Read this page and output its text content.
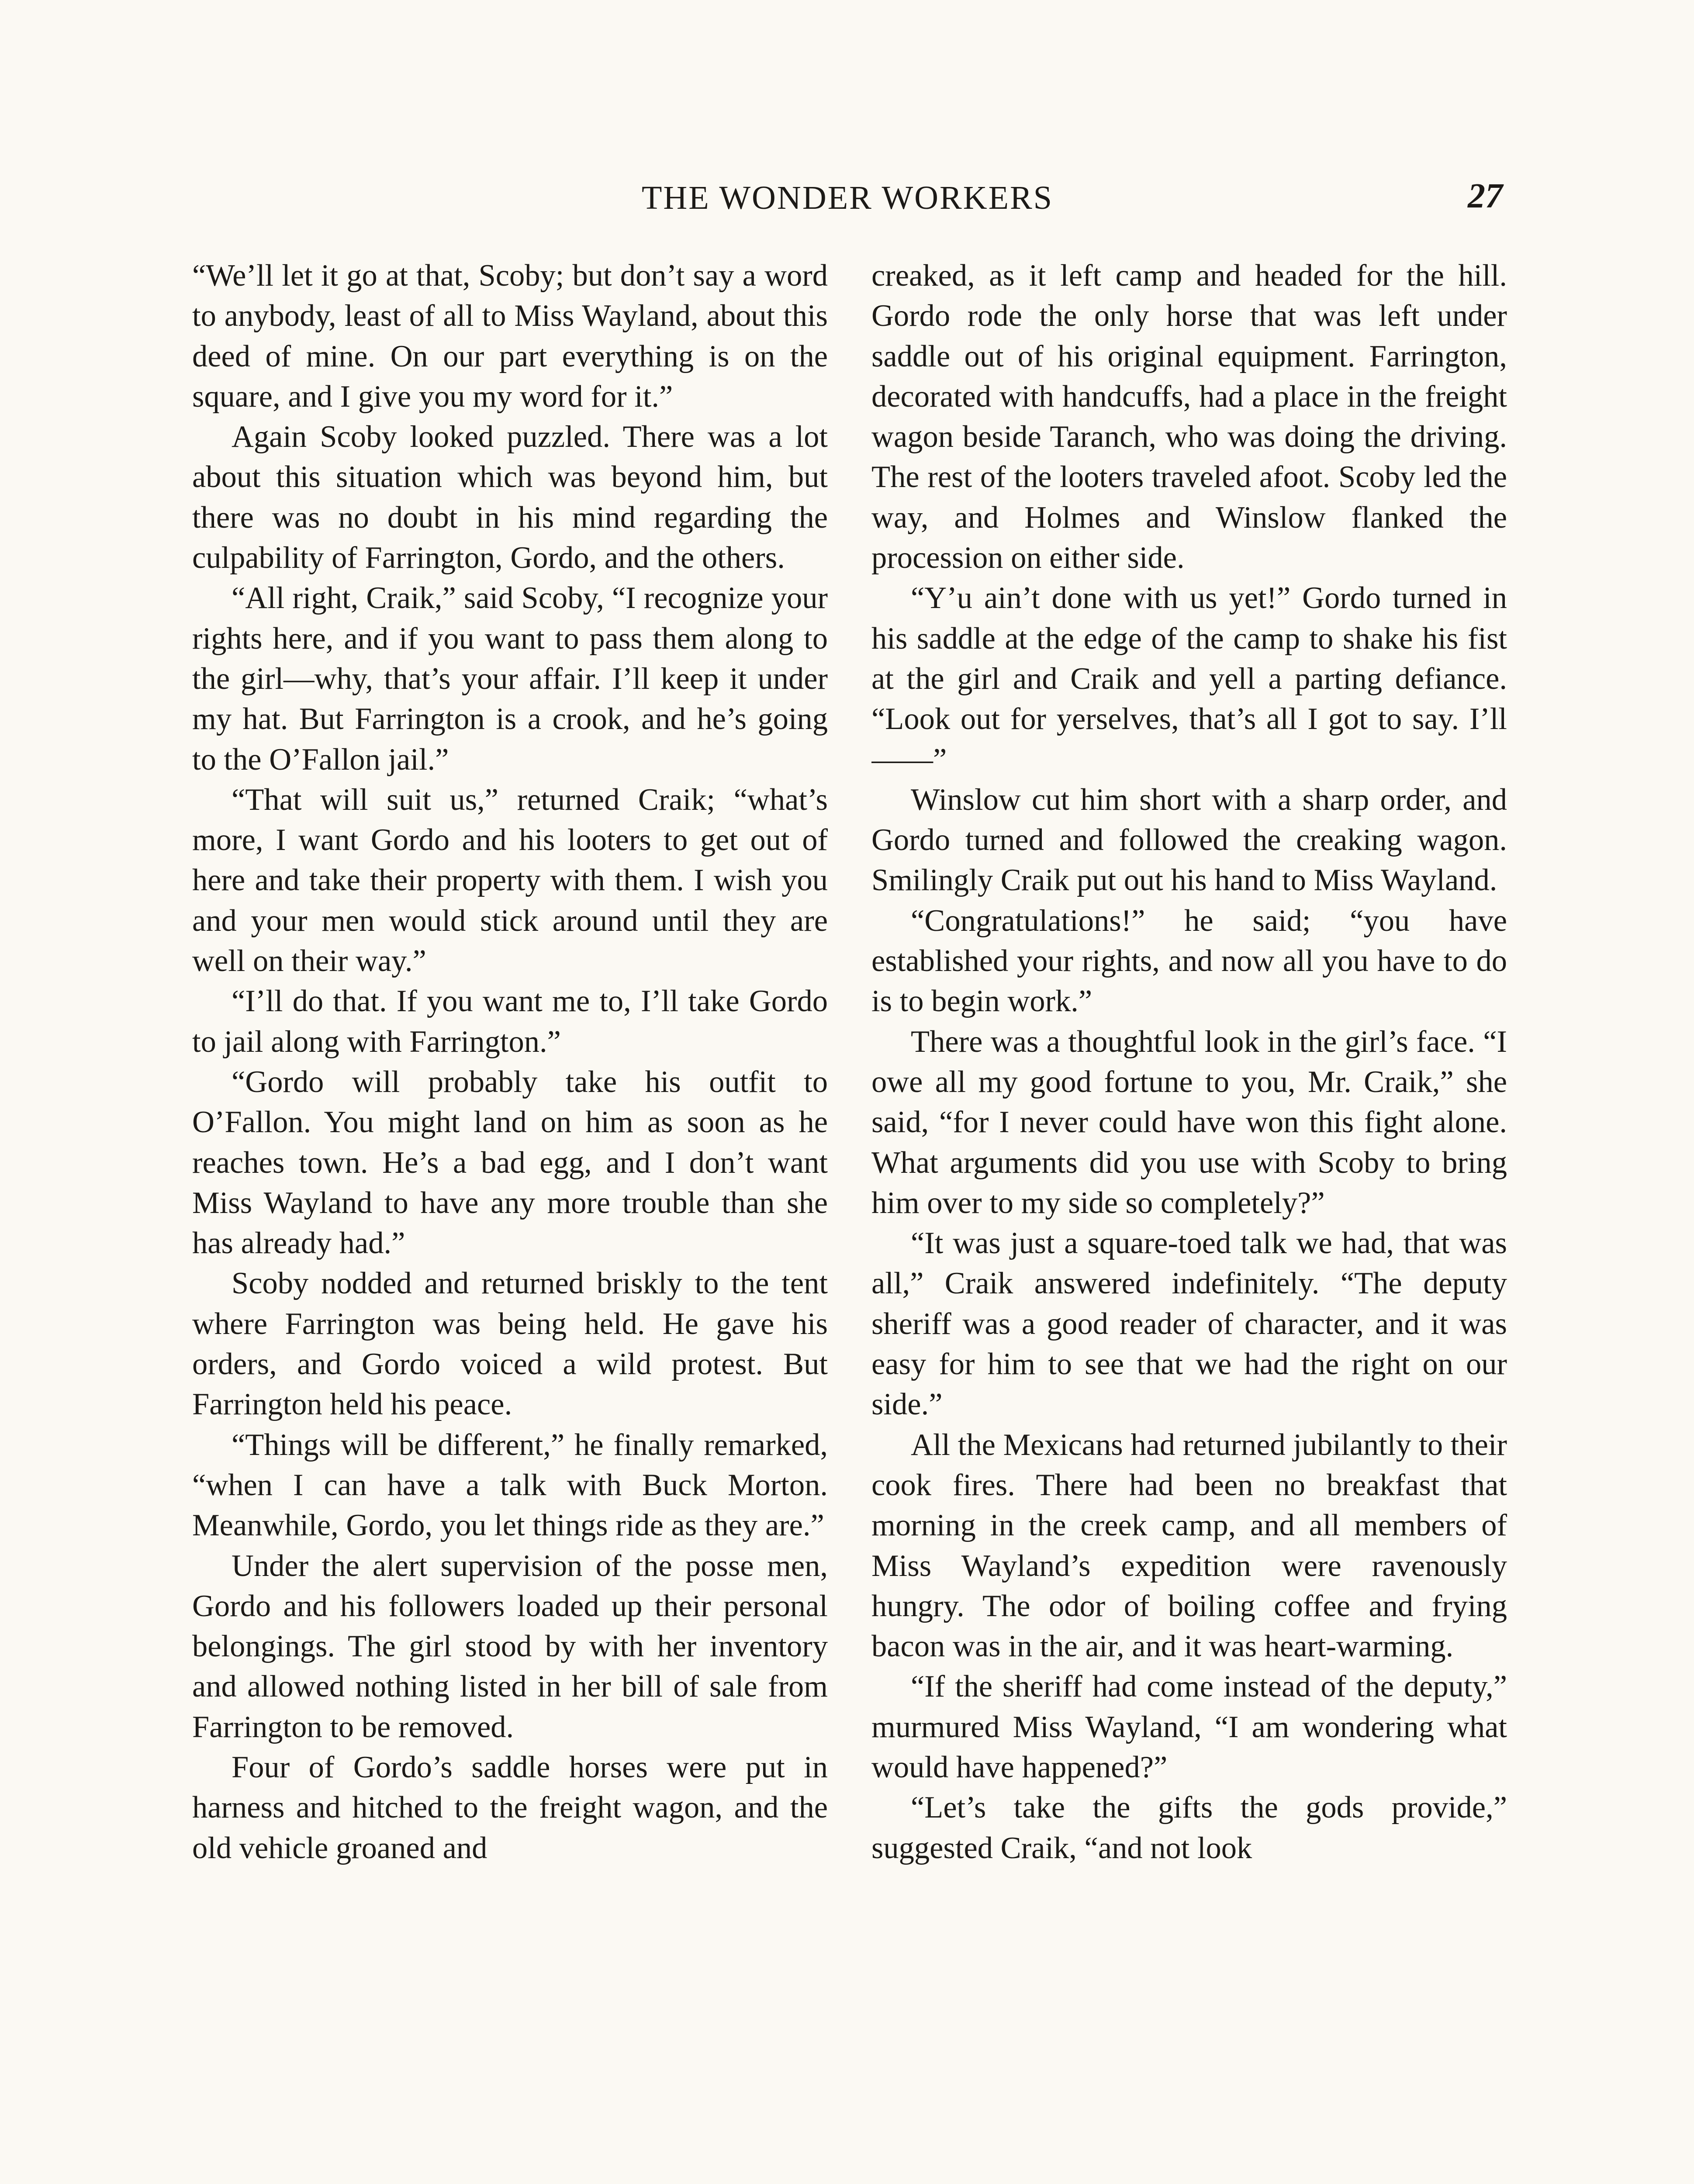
THE WONDER WORKERS	27

“We’ll let it go at that, Scoby; but don’t say a word to anybody, least of all to Miss Wayland, about this deed of mine. On our part everything is on the square, and I give you my word for it.”

Again Scoby looked puzzled. There was a lot about this situation which was beyond him, but there was no doubt in his mind regarding the culpability of Farrington, Gordo, and the others.

“All right, Craik,” said Scoby, “I recognize your rights here, and if you want to pass them along to the girl—why, that’s your affair. I’ll keep it under my hat. But Farrington is a crook, and he’s going to the O’Fallon jail.”

“That will suit us,” returned Craik; “what’s more, I want Gordo and his looters to get out of here and take their property with them. I wish you and your men would stick around until they are well on their way.”

“I’ll do that. If you want me to, I’ll take Gordo to jail along with Farrington.”

“Gordo will probably take his outfit to O’Fallon. You might land on him as soon as he reaches town. He’s a bad egg, and I don’t want Miss Wayland to have any more trouble than she has already had.”

Scoby nodded and returned briskly to the tent where Farrington was being held. He gave his orders, and Gordo voiced a wild protest. But Farrington held his peace.

“Things will be different,” he finally remarked, “when I can have a talk with Buck Morton. Meanwhile, Gordo, you let things ride as they are.”

Under the alert supervision of the posse men, Gordo and his followers loaded up their personal belongings. The girl stood by with her inventory and allowed nothing listed in her bill of sale from Farrington to be removed.

Four of Gordo’s saddle horses were put in harness and hitched to the freight wagon, and the old vehicle groaned and

creaked, as it left camp and headed for the hill. Gordo rode the only horse that was left under saddle out of his original equipment. Farrington, decorated with handcuffs, had a place in the freight wagon beside Taranch, who was doing the driving. The rest of the looters traveled afoot. Scoby led the way, and Holmes and Winslow flanked the procession on either side.

“Y’u ain’t done with us yet!” Gordo turned in his saddle at the edge of the camp to shake his fist at the girl and Craik and yell a parting defiance. “Look out for yerselves, that’s all I got to say. I’ll——”

Winslow cut him short with a sharp order, and Gordo turned and followed the creaking wagon. Smilingly Craik put out his hand to Miss Wayland.

“Congratulations!” he said; “you have established your rights, and now all you have to do is to begin work.”

There was a thoughtful look in the girl’s face. “I owe all my good fortune to you, Mr. Craik,” she said, “for I never could have won this fight alone. What arguments did you use with Scoby to bring him over to my side so completely?”

“It was just a square-toed talk we had, that was all,” Craik answered indefinitely. “The deputy sheriff was a good reader of character, and it was easy for him to see that we had the right on our side.”

All the Mexicans had returned jubilantly to their cook fires. There had been no breakfast that morning in the creek camp, and all members of Miss Wayland’s expedition were ravenously hungry. The odor of boiling coffee and frying bacon was in the air, and it was heart-warming.

“If the sheriff had come instead of the deputy,” murmured Miss Wayland, “I am wondering what would have happened?”

“Let’s take the gifts the gods provide,” suggested Craik, “and not look
